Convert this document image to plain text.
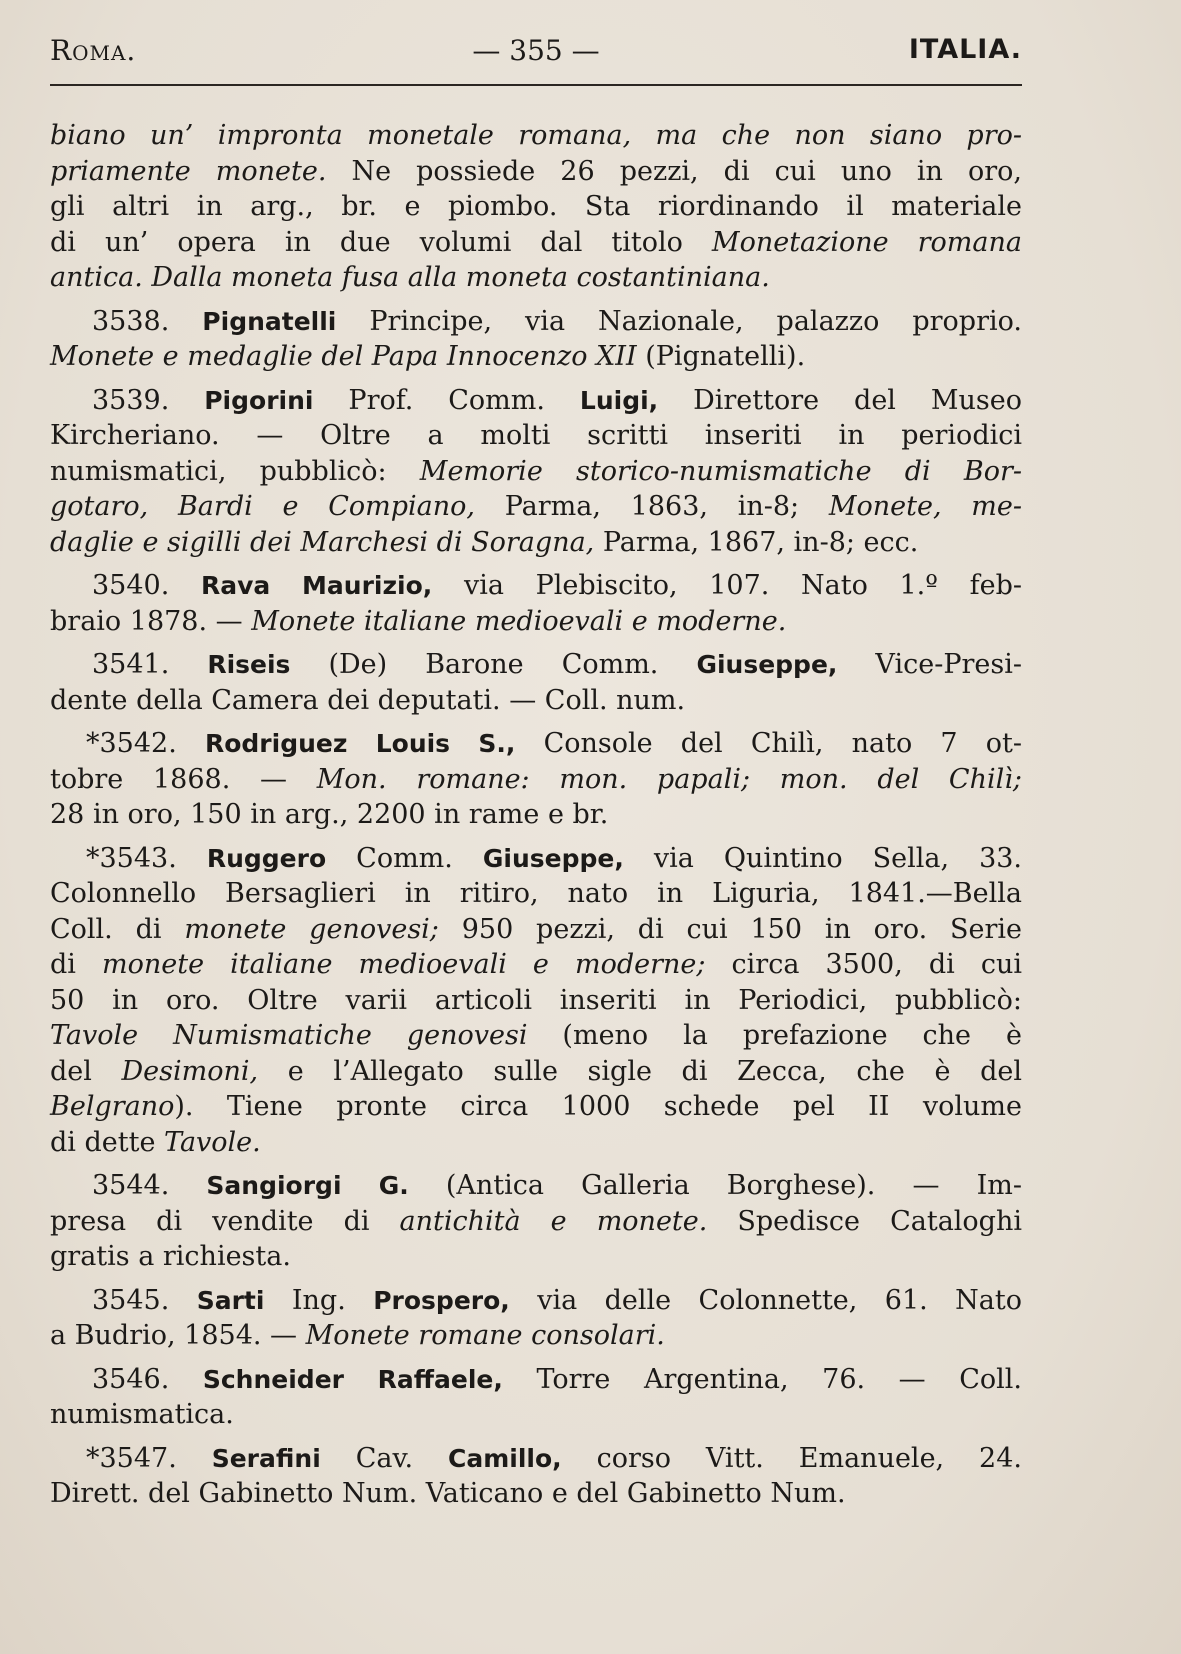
Roma.	— 355 —	ITALIA.
biano un’ impronta monetale romana, ma che non siano pro-
priamente monete. Ne possiede 26 pezzi, di cui uno in oro,
gli altri in arg., br. e piombo. Sta riordinando il materiale
di un’ opera in due volumi dal titolo Monetazione romana
antica. Dalla moneta fusa alla moneta costantiniana.
3538. Pignatelli Principe, via Nazionale, palazzo proprio.
Monete e medaglie del Papa Innocenzo XII (Pignatelli).
3539. Pigorini Prof. Comm. Luigi, Direttore del Museo
Kircheriano. — Oltre a molti scritti inseriti in periodici
numismatici, pubblicò: Memorie storico-numismatiche di Bor-
gotaro, Bardi e Compiano, Parma, 1863, in-8; Monete, me-
daglie e sigilli dei Marchesi di Soragna, Parma, 1867, in-8; ecc.
3540. Rava Maurizio, via Plebiscito, 107. Nato 1.º feb-
braio 1878. — Monete italiane medioevali e moderne.
3541. Riseis (De) Barone Comm. Giuseppe, Vice-Presi-
dente della Camera dei deputati. — Coll. num.
*3542. Rodriguez Louis S., Console del Chilì, nato 7 ot-
tobre 1868. — Mon. romane: mon. papali; mon. del Chilì;
28 in oro, 150 in arg., 2200 in rame e br.
*3543. Ruggero Comm. Giuseppe, via Quintino Sella, 33.
Colonnello Bersaglieri in ritiro, nato in Liguria, 1841.—Bella
Coll. di monete genovesi; 950 pezzi, di cui 150 in oro. Serie
di monete italiane medioevali e moderne; circa 3500, di cui
50 in oro. Oltre varii articoli inseriti in Periodici, pubblicò:
Tavole Numismatiche genovesi (meno la prefazione che è
del Desimoni, e l’Allegato sulle sigle di Zecca, che è del
Belgrano). Tiene pronte circa 1000 schede pel II volume
di dette Tavole.
3544. Sangiorgi G. (Antica Galleria Borghese). — Im-
presa di vendite di antichità e monete. Spedisce Cataloghi
gratis a richiesta.
3545. Sarti Ing. Prospero, via delle Colonnette, 61. Nato
a Budrio, 1854. — Monete romane consolari.
3546. Schneider Raffaele, Torre Argentina, 76. — Coll.
numismatica.
*3547. Serafini Cav. Camillo, corso Vitt. Emanuele, 24.
Dirett. del Gabinetto Num. Vaticano e del Gabinetto Num.
